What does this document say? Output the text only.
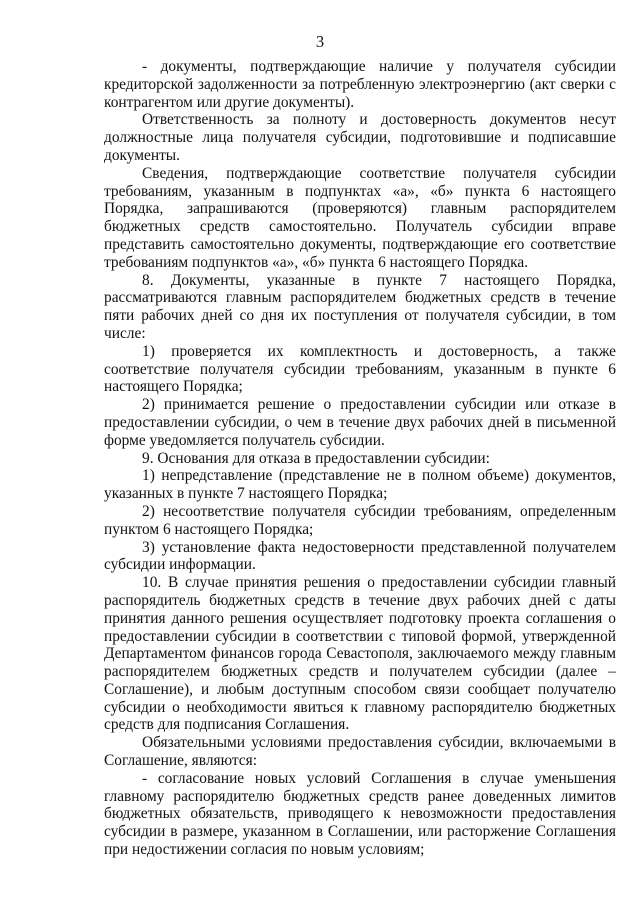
3

- документы, подтверждающие наличие у получателя субсидии кредиторской задолженности за потребленную электроэнергию (акт сверки с контрагентом или другие документы).

Ответственность за полноту и достоверность документов несут должностные лица получателя субсидии, подготовившие и подписавшие документы.

Сведения, подтверждающие соответствие получателя субсидии требованиям, указанным в подпунктах «а», «б» пункта 6 настоящего Порядка, запрашиваются (проверяются) главным распорядителем бюджетных средств самостоятельно. Получатель субсидии вправе представить самостоятельно документы, подтверждающие его соответствие требованиям подпунктов «а», «б» пункта 6 настоящего Порядка.

8. Документы, указанные в пункте 7 настоящего Порядка, рассматриваются главным распорядителем бюджетных средств в течение пяти рабочих дней со дня их поступления от получателя субсидии, в том числе:

1) проверяется их комплектность и достоверность, а также соответствие получателя субсидии требованиям, указанным в пункте 6 настоящего Порядка;

2) принимается решение о предоставлении субсидии или отказе в предоставлении субсидии, о чем в течение двух рабочих дней в письменной форме уведомляется получатель субсидии.

9. Основания для отказа в предоставлении субсидии:

1) непредставление (представление не в полном объеме) документов, указанных в пункте 7 настоящего Порядка;

2) несоответствие получателя субсидии требованиям, определенным пунктом 6 настоящего Порядка;

3) установление факта недостоверности представленной получателем субсидии информации.

10. В случае принятия решения о предоставлении субсидии главный распорядитель бюджетных средств в течение двух рабочих дней с даты принятия данного решения осуществляет подготовку проекта соглашения о предоставлении субсидии в соответствии с типовой формой, утвержденной Департаментом финансов города Севастополя, заключаемого между главным распорядителем бюджетных средств и получателем субсидии (далее – Соглашение), и любым доступным способом связи сообщает получателю субсидии о необходимости явиться к главному распорядителю бюджетных средств для подписания Соглашения.

Обязательными условиями предоставления субсидии, включаемыми в Соглашение, являются:

- согласование новых условий Соглашения в случае уменьшения главному распорядителю бюджетных средств ранее доведенных лимитов бюджетных обязательств, приводящего к невозможности предоставления субсидии в размере, указанном в Соглашении, или расторжение Соглашения при недостижении согласия по новым условиям;
